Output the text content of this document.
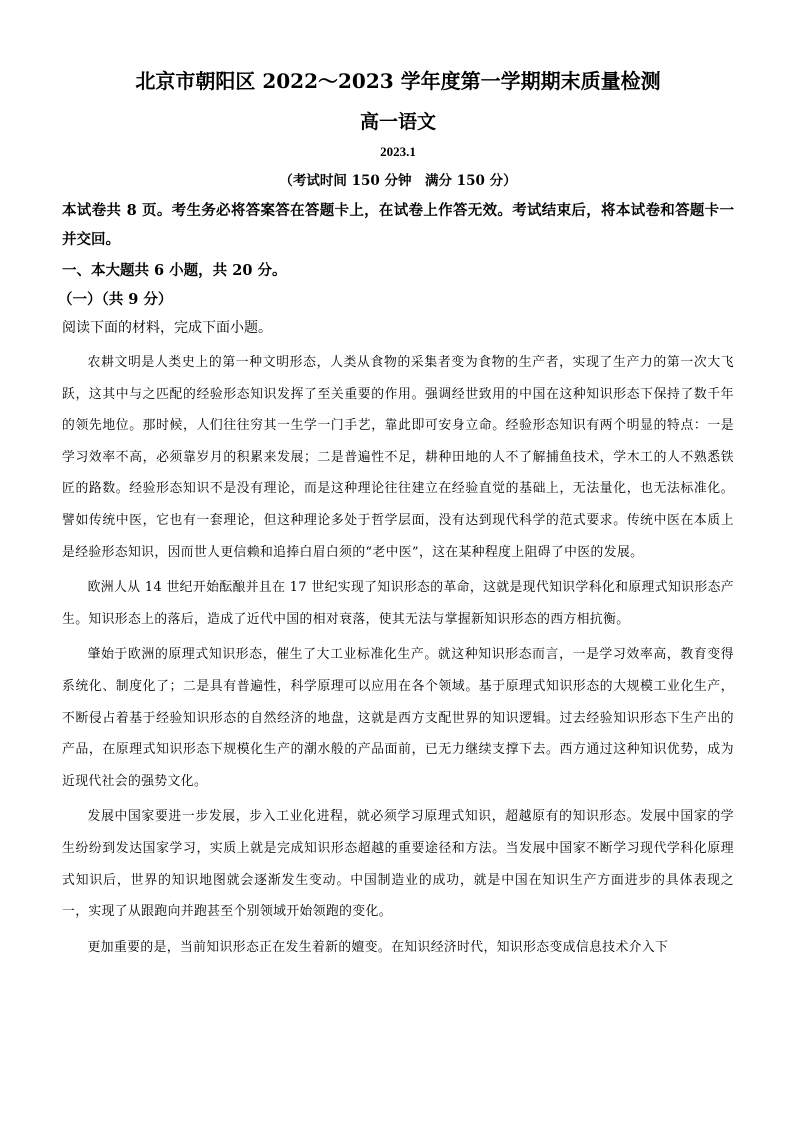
北京市朝阳区 2022～2023 学年度第一学期期末质量检测
高一语文
2023.1
（考试时间 150 分钟　满分 150 分）
本试卷共 8 页。考生务必将答案答在答题卡上，在试卷上作答无效。考试结束后，将本试卷和答题卡一并交回。
一、本大题共 6 小题，共 20 分。
（一）（共 9 分）
阅读下面的材料，完成下面小题。

农耕文明是人类史上的第一种文明形态，人类从食物的采集者变为食物的生产者，实现了生产力的第一次大飞跃，这其中与之匹配的经验形态知识发挥了至关重要的作用。强调经世致用的中国在这种知识形态下保持了数千年的领先地位。那时候，人们往往穷其一生学一门手艺，靠此即可安身立命。经验形态知识有两个明显的特点：一是学习效率不高，必须靠岁月的积累来发展；二是普遍性不足，耕种田地的人不了解捕鱼技术，学木工的人不熟悉铁匠的路数。经验形态知识不是没有理论，而是这种理论往往建立在经验直觉的基础上，无法量化，也无法标准化。譬如传统中医，它也有一套理论，但这种理论多处于哲学层面，没有达到现代科学的范式要求。传统中医在本质上是经验形态知识，因而世人更信赖和追捧白眉白须的“老中医”，这在某种程度上阻碍了中医的发展。

欧洲人从 14 世纪开始酝酿并且在 17 世纪实现了知识形态的革命，这就是现代知识学科化和原理式知识形态产生。知识形态上的落后，造成了近代中国的相对衰落，使其无法与掌握新知识形态的西方相抗衡。

肇始于欧洲的原理式知识形态，催生了大工业标准化生产。就这种知识形态而言，一是学习效率高，教育变得系统化、制度化了；二是具有普遍性，科学原理可以应用在各个领域。基于原理式知识形态的大规模工业化生产，不断侵占着基于经验知识形态的自然经济的地盘，这就是西方支配世界的知识逻辑。过去经验知识形态下生产出的产品，在原理式知识形态下规模化生产的潮水般的产品面前，已无力继续支撑下去。西方通过这种知识优势，成为近现代社会的强势文化。

发展中国家要进一步发展，步入工业化进程，就必须学习原理式知识，超越原有的知识形态。发展中国家的学生纷纷到发达国家学习，实质上就是完成知识形态超越的重要途径和方法。当发展中国家不断学习现代学科化原理式知识后，世界的知识地图就会逐渐发生变动。中国制造业的成功，就是中国在知识生产方面进步的具体表现之一，实现了从跟跑向并跑甚至个别领域开始领跑的变化。

更加重要的是，当前知识形态正在发生着新的嬗变。在知识经济时代，知识形态变成信息技术介入下
